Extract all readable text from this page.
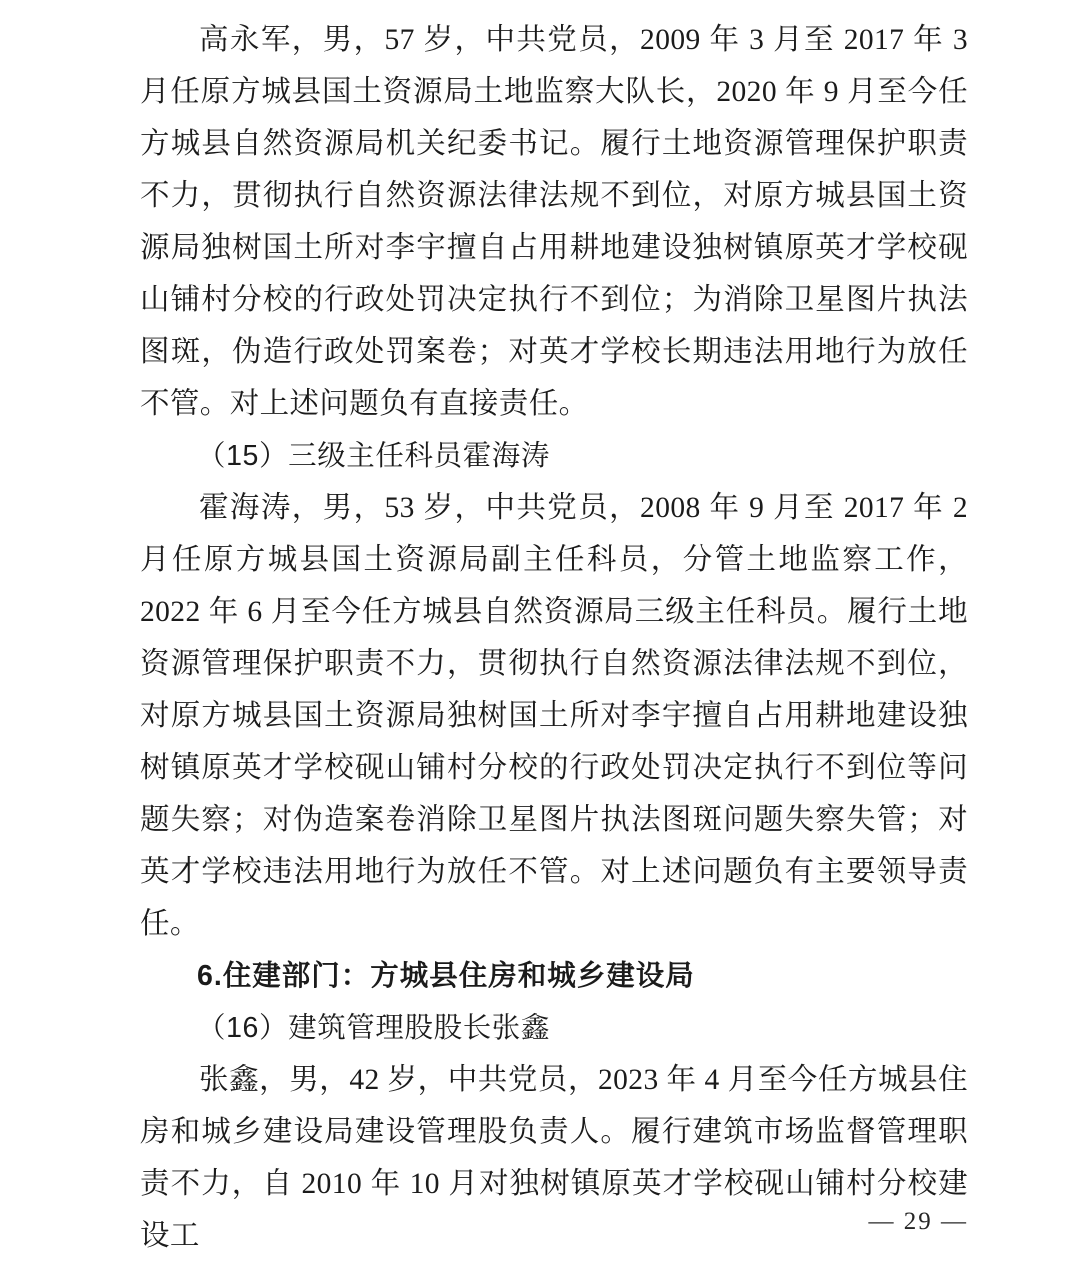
高永军，男，57 岁，中共党员，2009 年 3 月至 2017 年 3 月任原方城县国土资源局土地监察大队长，2020 年 9 月至今任方城县自然资源局机关纪委书记。履行土地资源管理保护职责不力，贯彻执行自然资源法律法规不到位，对原方城县国土资源局独树国土所对李宇擅自占用耕地建设独树镇原英才学校砚山铺村分校的行政处罚决定执行不到位；为消除卫星图片执法图斑，伪造行政处罚案卷；对英才学校长期违法用地行为放任不管。对上述问题负有直接责任。

（15）三级主任科员霍海涛

霍海涛，男，53 岁，中共党员，2008 年 9 月至 2017 年 2 月任原方城县国土资源局副主任科员，分管土地监察工作，2022 年 6 月至今任方城县自然资源局三级主任科员。履行土地资源管理保护职责不力，贯彻执行自然资源法律法规不到位，对原方城县国土资源局独树国土所对李宇擅自占用耕地建设独树镇原英才学校砚山铺村分校的行政处罚决定执行不到位等问题失察；对伪造案卷消除卫星图片执法图斑问题失察失管；对英才学校违法用地行为放任不管。对上述问题负有主要领导责任。

6.住建部门：方城县住房和城乡建设局

（16）建筑管理股股长张鑫

张鑫，男，42 岁，中共党员，2023 年 4 月至今任方城县住房和城乡建设局建设管理股负责人。履行建筑市场监督管理职责不力，自 2010 年 10 月对独树镇原英才学校砚山铺村分校建设工	— 29 —
